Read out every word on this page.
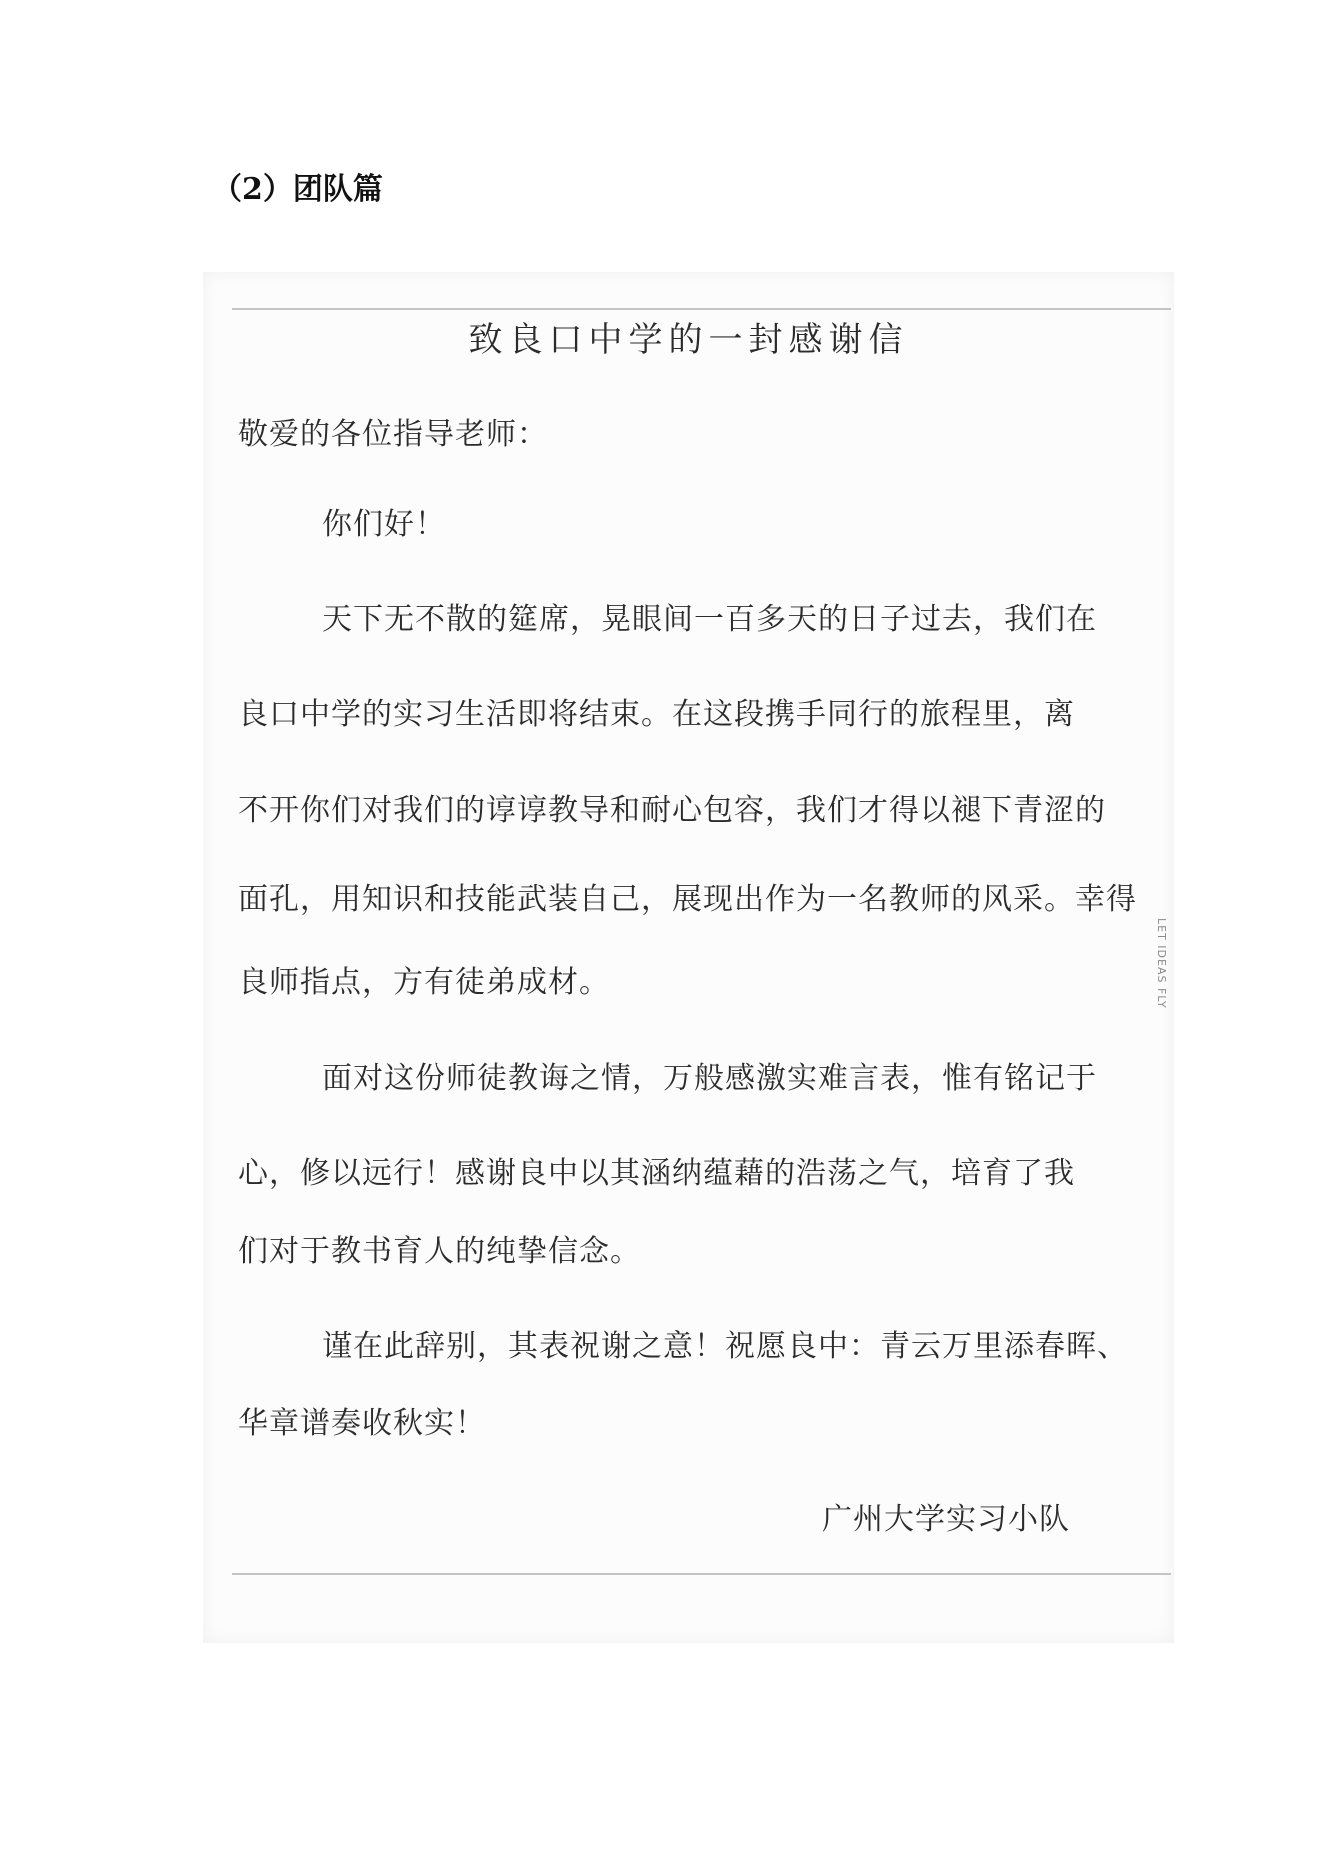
（2）团队篇
致良口中学的一封感谢信
敬爱的各位指导老师：
你们好！
天下无不散的筵席，晃眼间一百多天的日子过去，我们在
良口中学的实习生活即将结束。在这段携手同行的旅程里，离
不开你们对我们的谆谆教导和耐心包容，我们才得以褪下青涩的
面孔，用知识和技能武装自己，展现出作为一名教师的风采。幸得
良师指点，方有徒弟成材。
面对这份师徒教诲之情，万般感激实难言表，惟有铭记于
心，修以远行！感谢良中以其涵纳蕴藉的浩荡之气，培育了我
们对于教书育人的纯挚信念。
谨在此辞别，其表祝谢之意！祝愿良中：青云万里添春晖、
华章谱奏收秋实！
广州大学实习小队
LET IDEAS FLY
